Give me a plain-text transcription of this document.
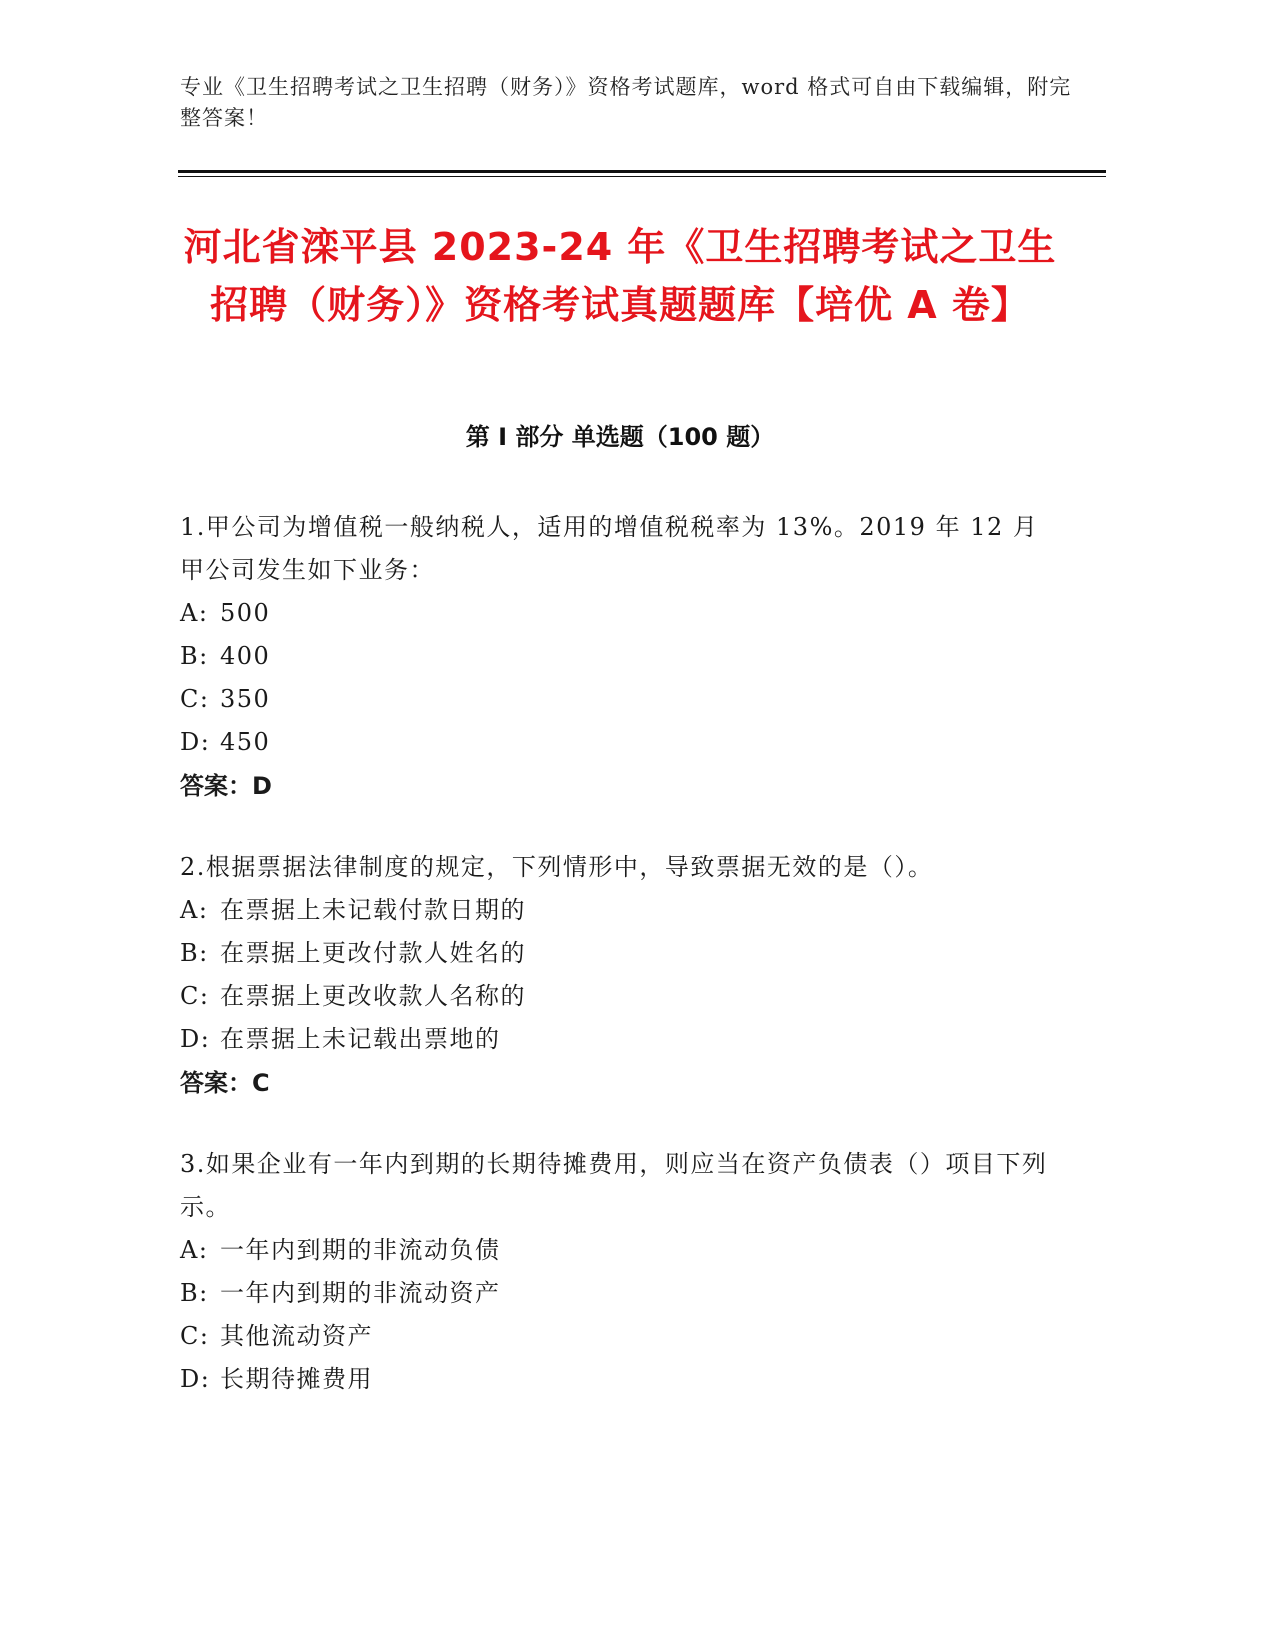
专业《卫生招聘考试之卫生招聘（财务）》资格考试题库，word 格式可自由下载编辑，附完整答案！
河北省滦平县 2023-24 年《卫生招聘考试之卫生招聘（财务）》资格考试真题题库【培优 A 卷】
第 I 部分 单选题（100 题）

1.甲公司为增值税一般纳税人，适用的增值税税率为 13%。2019 年 12 月甲公司发生如下业务：

A: 500

B: 400

C: 350

D: 450

答案：D

2.根据票据法律制度的规定，下列情形中，导致票据无效的是（）。

A: 在票据上未记载付款日期的

B: 在票据上更改付款人姓名的

C: 在票据上更改收款人名称的

D: 在票据上未记载出票地的

答案：C

3.如果企业有一年内到期的长期待摊费用，则应当在资产负债表（）项目下列示。

A: 一年内到期的非流动负债

B: 一年内到期的非流动资产

C: 其他流动资产

D: 长期待摊费用
